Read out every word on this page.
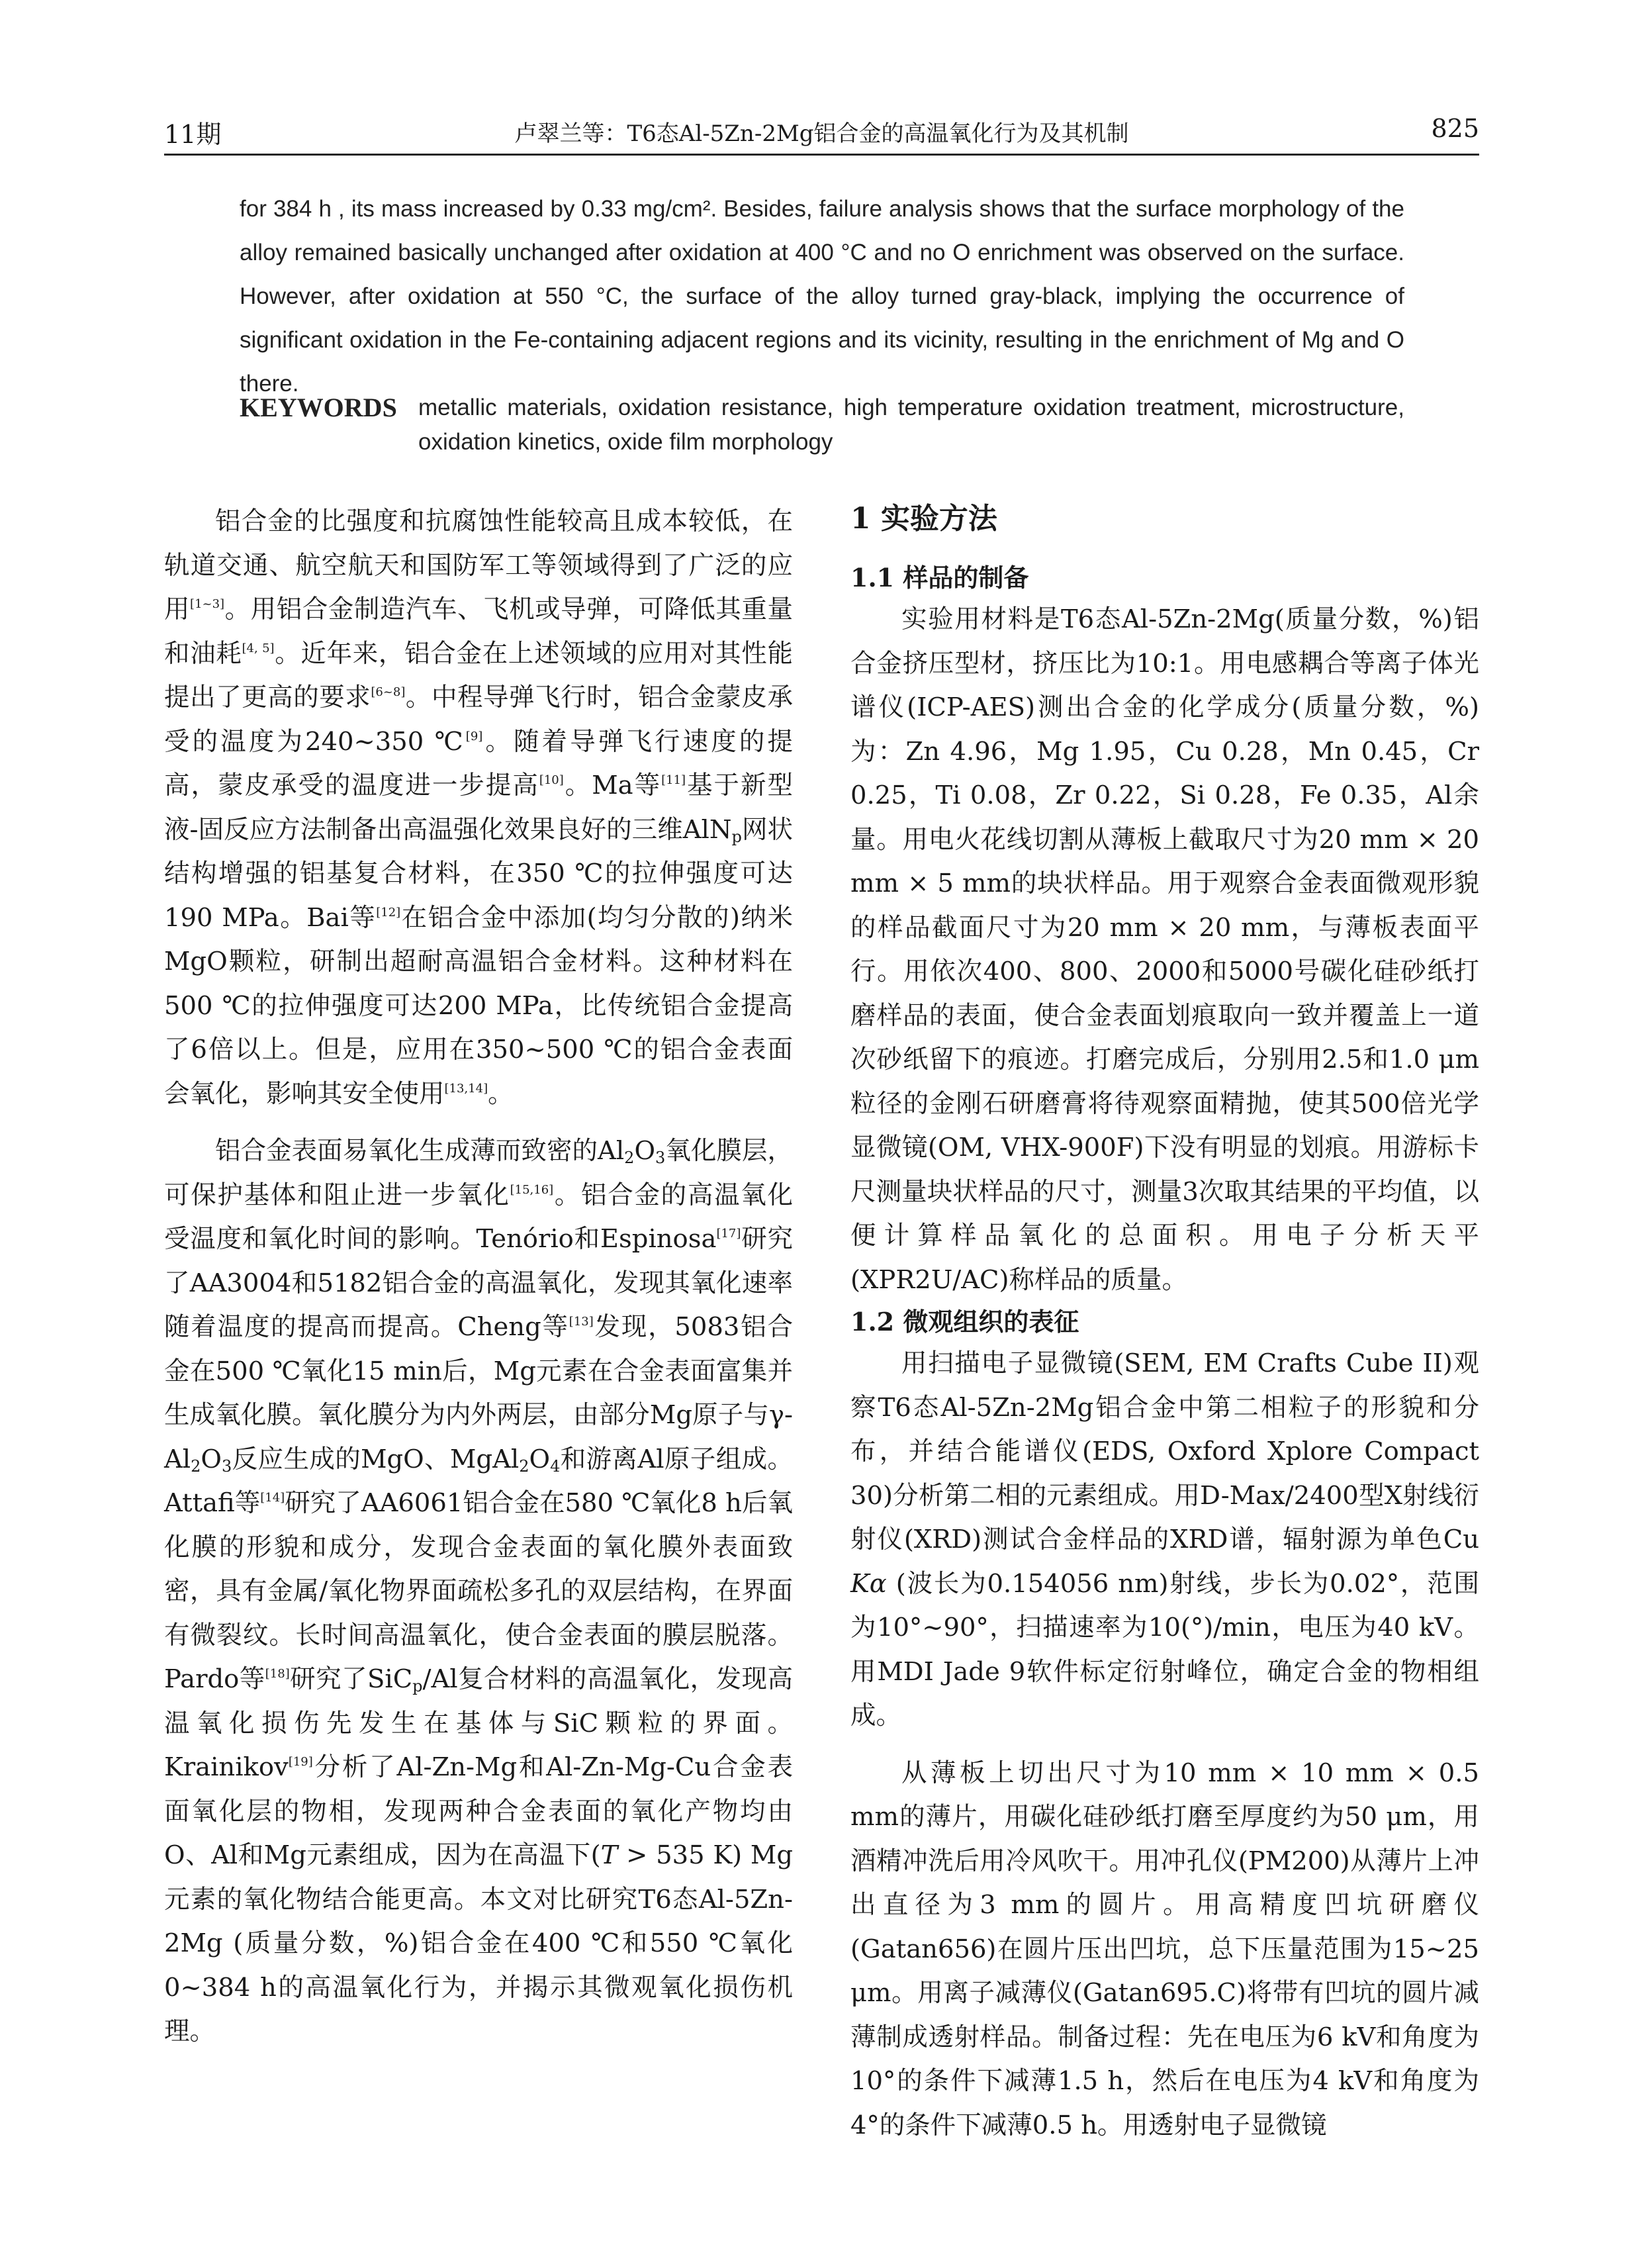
11期	卢翠兰等：T6态Al-5Zn-2Mg铝合金的高温氧化行为及其机制	825

for 384 h , its mass increased by 0.33 mg/cm². Besides, failure analysis shows that the surface morphology of the alloy remained basically unchanged after oxidation at 400 °C and no O enrichment was observed on the surface. However, after oxidation at 550 °C, the surface of the alloy turned gray-black, implying the occurrence of significant oxidation in the Fe-containing adjacent regions and its vicinity, resulting in the enrichment of Mg and O there.

KEYWORDS metallic materials, oxidation resistance, high temperature oxidation treatment, microstructure, oxidation kinetics, oxide film morphology

铝合金的比强度和抗腐蚀性能较高且成本较低，在轨道交通、航空航天和国防军工等领域得到了广泛的应用[1~3]。用铝合金制造汽车、飞机或导弹，可降低其重量和油耗[4, 5]。近年来，铝合金在上述领域的应用对其性能提出了更高的要求[6~8]。中程导弹飞行时，铝合金蒙皮承受的温度为240~350 ℃[9]。随着导弹飞行速度的提高，蒙皮承受的温度进一步提高[10]。Ma等[11]基于新型液-固反应方法制备出高温强化效果良好的三维AlN$_p$网状结构增强的铝基复合材料，在350 ℃的拉伸强度可达190 MPa。Bai等[12]在铝合金中添加(均匀分散的)纳米MgO颗粒，研制出超耐高温铝合金材料。这种材料在500 ℃的拉伸强度可达200 MPa，比传统铝合金提高了6倍以上。但是，应用在350~500 ℃的铝合金表面会氧化，影响其安全使用[13,14]。

铝合金表面易氧化生成薄而致密的$Al_2O_3$氧化膜层，可保护基体和阻止进一步氧化[15,16]。铝合金的高温氧化受温度和氧化时间的影响。Tenório和Espinosa[17]研究了AA3004和5182铝合金的高温氧化，发现其氧化速率随着温度的提高而提高。Cheng等[13]发现，5083铝合金在500 ℃氧化15 min后，Mg元素在合金表面富集并生成氧化膜。氧化膜分为内外两层，由部分Mg原子与$\gamma-Al_2O_3$反应生成的MgO、$MgAl_2O_4$和游离Al原子组成。Attafi等[14]研究了AA6061铝合金在580 ℃氧化8 h后氧化膜的形貌和成分，发现合金表面的氧化膜外表面致密，具有金属/氧化物界面疏松多孔的双层结构，在界面有微裂纹。长时间高温氧化，使合金表面的膜层脱落。Pardo等[18]研究了SiC$_p$/Al复合材料的高温氧化，发现高温氧化损伤先发生在基体与SiC颗粒的界面。Krainikov[19]分析了Al-Zn-Mg和Al-Zn-Mg-Cu合金表面氧化层的物相，发现两种合金表面的氧化产物均由O、Al和Mg元素组成，因为在高温下(T > 535 K) Mg元素的氧化物结合能更高。本文对比研究T6态Al-5Zn-2Mg (质量分数，%)铝合金在400 ℃和550 ℃氧化0~384 h的高温氧化行为，并揭示其微观氧化损伤机理。

1 实验方法
1.1 样品的制备

实验用材料是T6态Al-5Zn-2Mg(质量分数，%)铝合金挤压型材，挤压比为10:1。用电感耦合等离子体光谱仪(ICP-AES)测出合金的化学成分(质量分数，%)为：Zn 4.96，Mg 1.95，Cu 0.28，Mn 0.45，Cr 0.25，Ti 0.08，Zr 0.22，Si 0.28，Fe 0.35，Al余量。用电火花线切割从薄板上截取尺寸为20 mm × 20 mm × 5 mm的块状样品。用于观察合金表面微观形貌的样品截面尺寸为20 mm × 20 mm，与薄板表面平行。用依次400、800、2000和5000号碳化硅砂纸打磨样品的表面，使合金表面划痕取向一致并覆盖上一道次砂纸留下的痕迹。打磨完成后，分别用2.5和1.0 μm粒径的金刚石研磨膏将待观察面精抛，使其500倍光学显微镜(OM, VHX-900F)下没有明显的划痕。用游标卡尺测量块状样品的尺寸，测量3次取其结果的平均值，以便计算样品氧化的总面积。用电子分析天平(XPR2U/AC)称样品的质量。

1.2 微观组织的表征

用扫描电子显微镜(SEM, EM Crafts Cube II)观察T6态Al-5Zn-2Mg铝合金中第二相粒子的形貌和分布，并结合能谱仪(EDS, Oxford Xplore Compact 30)分析第二相的元素组成。用D-Max/2400型X射线衍射仪(XRD)测试合金样品的XRD谱，辐射源为单色Cu Kα (波长为0.154056 nm)射线，步长为0.02°，范围为10°~90°，扫描速率为10(°)/min，电压为40 kV。用MDI Jade 9软件标定衍射峰位，确定合金的物相组成。

从薄板上切出尺寸为10 mm × 10 mm × 0.5 mm的薄片，用碳化硅砂纸打磨至厚度约为50 μm，用酒精冲洗后用冷风吹干。用冲孔仪(PM200)从薄片上冲出直径为3 mm的圆片。用高精度凹坑研磨仪(Gatan656)在圆片压出凹坑，总下压量范围为15~25 μm。用离子减薄仪(Gatan695.C)将带有凹坑的圆片减薄制成透射样品。制备过程：先在电压为6 kV和角度为10°的条件下减薄1.5 h，然后在电压为4 kV和角度为4°的条件下减薄0.5 h。用透射电子显微镜
